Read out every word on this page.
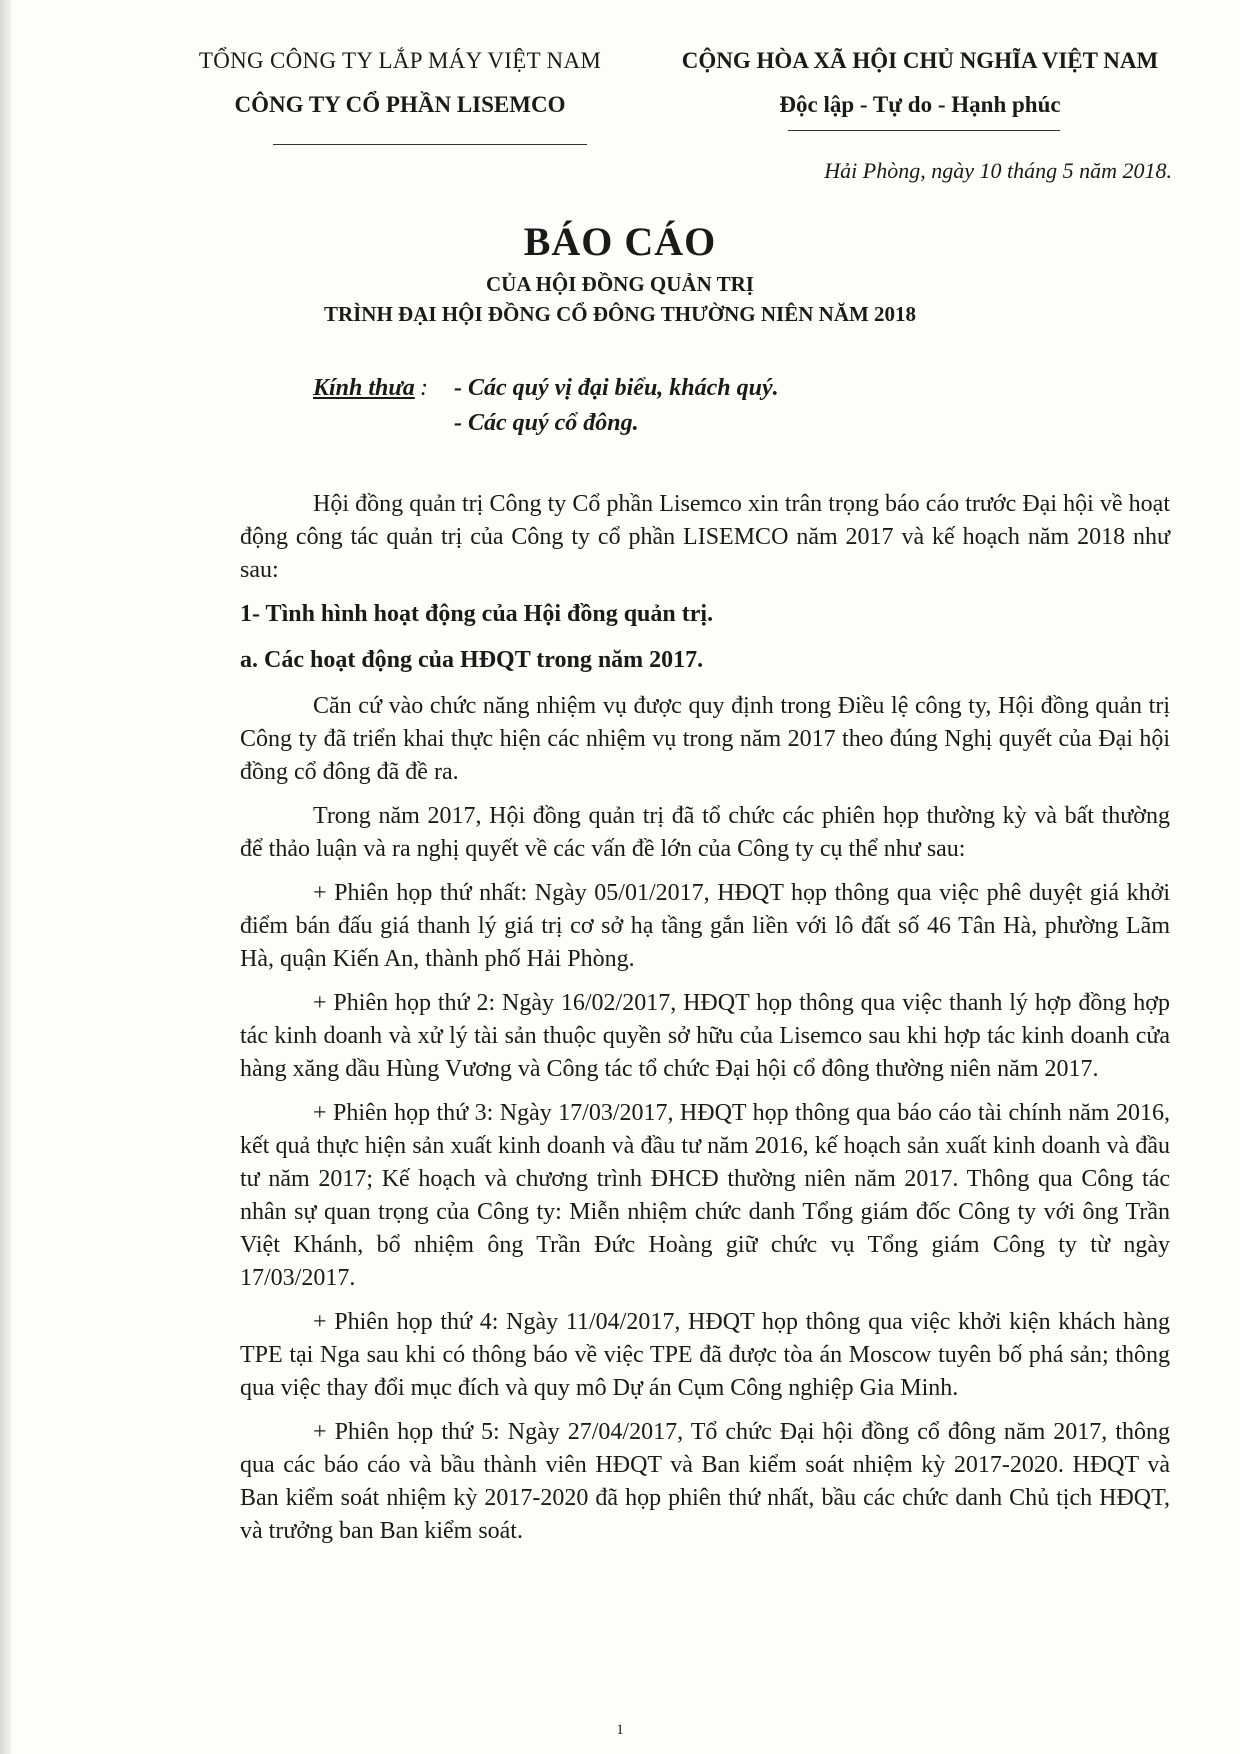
TỔNG CÔNG TY LẮP MÁY VIỆT NAM
CÔNG TY CỔ PHẦN LISEMCO
CỘNG HÒA XÃ HỘI CHỦ NGHĨA VIỆT NAM
Độc lập - Tự do - Hạnh phúc
Hải Phòng, ngày 10 tháng 5 năm 2018.
BÁO CÁO
CỦA HỘI ĐỒNG QUẢN TRỊ
TRÌNH ĐẠI HỘI ĐỒNG CỔ ĐÔNG THƯỜNG NIÊN NĂM 2018
Kính thưa : - Các quý vị đại biểu, khách quý.
- Các quý cổ đông.

Hội đồng quản trị Công ty Cổ phần Lisemco xin trân trọng báo cáo trước Đại hội về hoạt động công tác quản trị của Công ty cổ phần LISEMCO năm 2017 và kế hoạch năm 2018 như sau:

1- Tình hình hoạt động của Hội đồng quản trị.

a. Các hoạt động của HĐQT trong năm 2017.

Căn cứ vào chức năng nhiệm vụ được quy định trong Điều lệ công ty, Hội đồng quản trị Công ty đã triển khai thực hiện các nhiệm vụ trong năm 2017 theo đúng Nghị quyết của Đại hội đồng cổ đông đã đề ra.

Trong năm 2017, Hội đồng quản trị đã tổ chức các phiên họp thường kỳ và bất thường để thảo luận và ra nghị quyết về các vấn đề lớn của Công ty cụ thể như sau:

+ Phiên họp thứ nhất: Ngày 05/01/2017, HĐQT họp thông qua việc phê duyệt giá khởi điểm bán đấu giá thanh lý giá trị cơ sở hạ tầng gắn liền với lô đất số 46 Tân Hà, phường Lãm Hà, quận Kiến An, thành phố Hải Phòng.

+ Phiên họp thứ 2: Ngày 16/02/2017, HĐQT họp thông qua việc thanh lý hợp đồng hợp tác kinh doanh và xử lý tài sản thuộc quyền sở hữu của Lisemco sau khi hợp tác kinh doanh cửa hàng xăng dầu Hùng Vương và Công tác tổ chức Đại hội cổ đông thường niên năm 2017.

+ Phiên họp thứ 3: Ngày 17/03/2017, HĐQT họp thông qua báo cáo tài chính năm 2016, kết quả thực hiện sản xuất kinh doanh và đầu tư năm 2016, kế hoạch sản xuất kinh doanh và đầu tư năm 2017; Kế hoạch và chương trình ĐHCĐ thường niên năm 2017. Thông qua Công tác nhân sự quan trọng của Công ty: Miễn nhiệm chức danh Tổng giám đốc Công ty với ông Trần Việt Khánh, bổ nhiệm ông Trần Đức Hoàng giữ chức vụ Tổng giám Công ty từ ngày 17/03/2017.

+ Phiên họp thứ 4: Ngày 11/04/2017, HĐQT họp thông qua việc khởi kiện khách hàng TPE tại Nga sau khi có thông báo về việc TPE đã được tòa án Moscow tuyên bố phá sản; thông qua việc thay đổi mục đích và quy mô Dự án Cụm Công nghiệp Gia Minh.

+ Phiên họp thứ 5: Ngày 27/04/2017, Tổ chức Đại hội đồng cổ đông năm 2017, thông qua các báo cáo và bầu thành viên HĐQT và Ban kiểm soát nhiệm kỳ 2017-2020. HĐQT và Ban kiểm soát nhiệm kỳ 2017-2020 đã họp phiên thứ nhất, bầu các chức danh Chủ tịch HĐQT, và trưởng ban Ban kiểm soát.

1
